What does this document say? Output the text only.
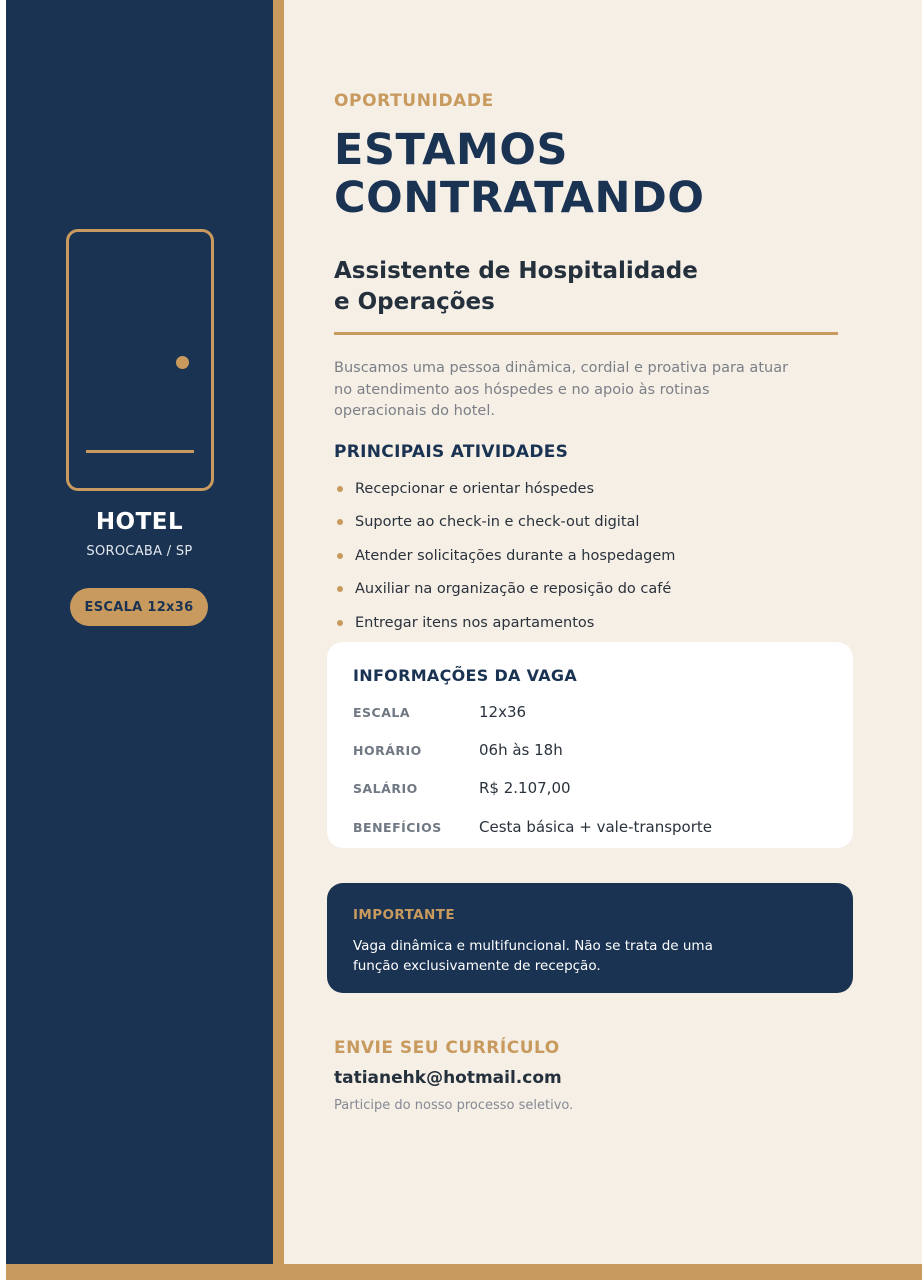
HOTEL
SOROCABA / SP
ESCALA 12x36
OPORTUNIDADE
ESTAMOS
CONTRATANDO
Assistente de Hospitalidade
e Operações
Buscamos uma pessoa dinâmica, cordial e proativa para atuar no atendimento aos hóspedes e no apoio às rotinas operacionais do hotel.
PRINCIPAIS ATIVIDADES
Recepcionar e orientar hóspedes
Suporte ao check-in e check-out digital
Atender solicitações durante a hospedagem
Auxiliar na organização e reposição do café
Entregar itens nos apartamentos
INFORMAÇÕES DA VAGA
ESCALA	12x36
HORÁRIO	06h às 18h
SALÁRIO	R$ 2.107,00
BENEFÍCIOS Cesta básica + vale-transporte
IMPORTANTE
Vaga dinâmica e multifuncional. Não se trata de uma função exclusivamente de recepção.
ENVIE SEU CURRÍCULO
tatianehk@hotmail.com
Participe do nosso processo seletivo.
